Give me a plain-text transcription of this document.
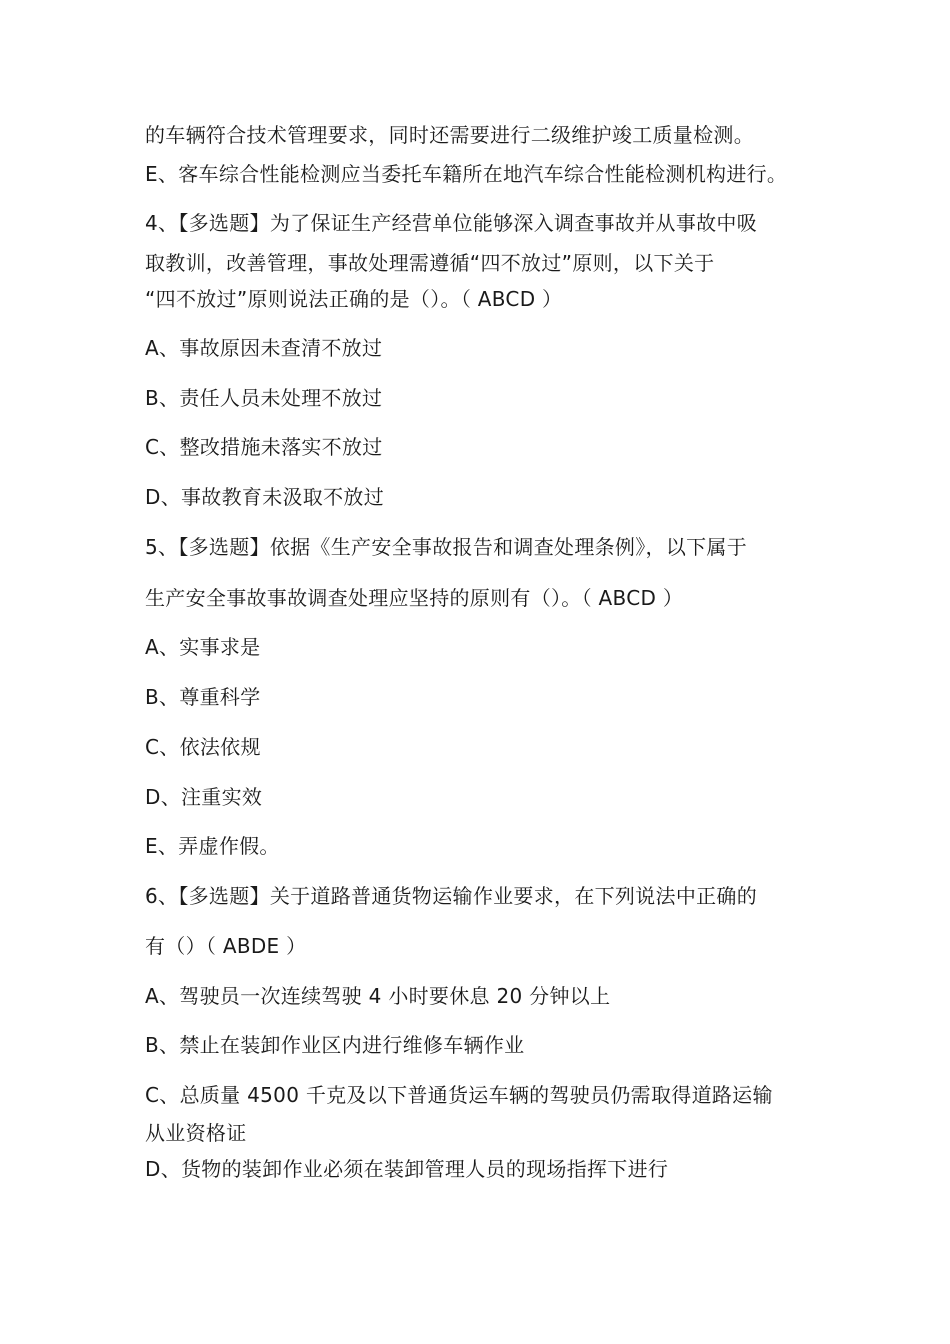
的车辆符合技术管理要求，同时还需要进行二级维护竣工质量检测。
E、客车综合性能检测应当委托车籍所在地汽车综合性能检测机构进行。
4、【多选题】为了保证生产经营单位能够深入调查事故并从事故中吸
取教训，改善管理，事故处理需遵循“四不放过”原则，以下关于
“四不放过”原则说法正确的是（）。（ ABCD ）
A、事故原因未查清不放过
B、责任人员未处理不放过
C、整改措施未落实不放过
D、事故教育未汲取不放过
5、【多选题】依据《生产安全事故报告和调查处理条例》，以下属于
生产安全事故事故调查处理应坚持的原则有（）。（ ABCD ）
A、实事求是
B、尊重科学
C、依法依规
D、注重实效
E、弄虚作假。
6、【多选题】关于道路普通货物运输作业要求，在下列说法中正确的
有（）（ ABDE ）
A、驾驶员一次连续驾驶 4 小时要休息 20 分钟以上
B、禁止在装卸作业区内进行维修车辆作业
C、总质量 4500 千克及以下普通货运车辆的驾驶员仍需取得道路运输
从业资格证
D、货物的装卸作业必须在装卸管理人员的现场指挥下进行
